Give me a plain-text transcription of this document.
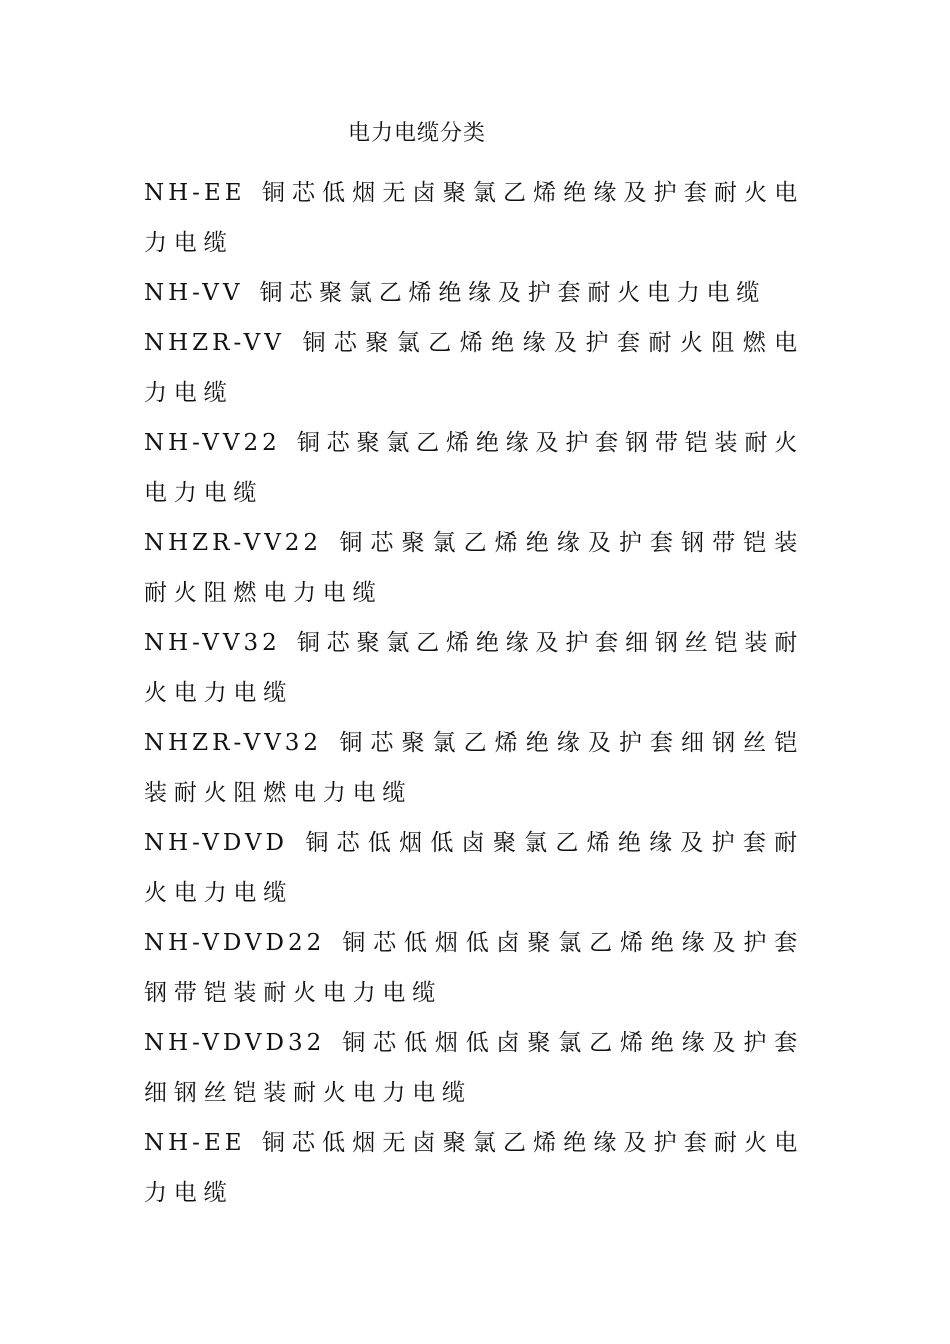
电力电缆分类
NH-EE 铜芯低烟无卤聚氯乙烯绝缘及护套耐火电力电缆
NH-VV 铜芯聚氯乙烯绝缘及护套耐火电力电缆
NHZR-VV 铜芯聚氯乙烯绝缘及护套耐火阻燃电力电缆
NH-VV22 铜芯聚氯乙烯绝缘及护套钢带铠装耐火电力电缆
NHZR-VV22 铜芯聚氯乙烯绝缘及护套钢带铠装耐火阻燃电力电缆
NH-VV32 铜芯聚氯乙烯绝缘及护套细钢丝铠装耐火电力电缆
NHZR-VV32 铜芯聚氯乙烯绝缘及护套细钢丝铠装耐火阻燃电力电缆
NH-VDVD 铜芯低烟低卤聚氯乙烯绝缘及护套耐火电力电缆
NH-VDVD22 铜芯低烟低卤聚氯乙烯绝缘及护套钢带铠装耐火电力电缆
NH-VDVD32 铜芯低烟低卤聚氯乙烯绝缘及护套细钢丝铠装耐火电力电缆
NH-EE 铜芯低烟无卤聚氯乙烯绝缘及护套耐火电力电缆
